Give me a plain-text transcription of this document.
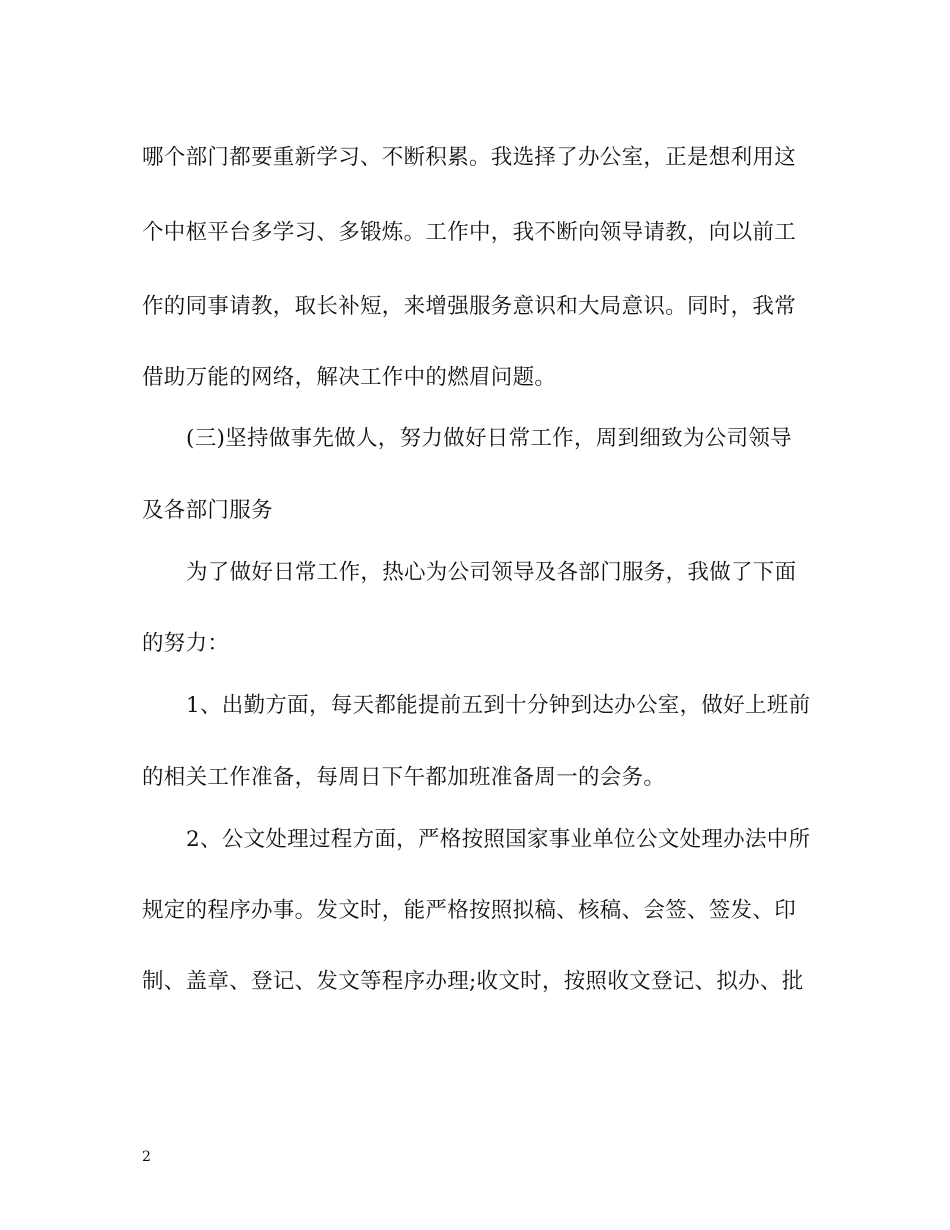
哪个部门都要重新学习、不断积累。我选择了办公室，正是想利用这
个中枢平台多学习、多锻炼。工作中，我不断向领导请教，向以前工
作的同事请教，取长补短，来增强服务意识和大局意识。同时，我常
借助万能的网络，解决工作中的燃眉问题。
(三)坚持做事先做人，努力做好日常工作，周到细致为公司领导
及各部门服务
为了做好日常工作，热心为公司领导及各部门服务，我做了下面
的努力：
1、出勤方面，每天都能提前五到十分钟到达办公室，做好上班前
的相关工作准备，每周日下午都加班准备周一的会务。
2、公文处理过程方面，严格按照国家事业单位公文处理办法中所
规定的程序办事。发文时，能严格按照拟稿、核稿、会签、签发、印
制、盖章、登记、发文等程序办理;收文时，按照收文登记、拟办、批
2
